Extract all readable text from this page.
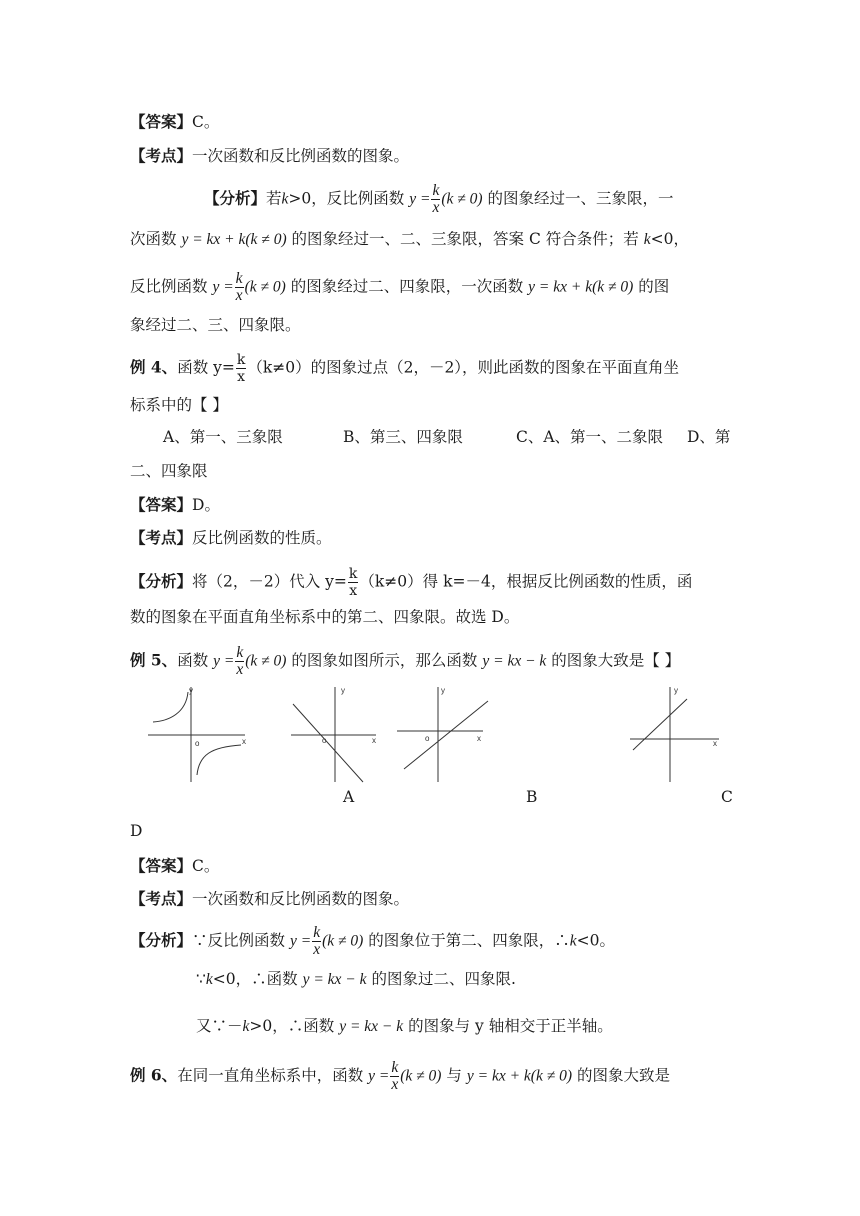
【答案】C。
【考点】一次函数和反比例函数的图象。
【分析】若k>0，反比例函数 $y = \frac{k}{x} (k \ne 0)$ 的图象经过一、三象限，一
次函数 y = kx + k(k ≠ 0) 的图象经过一、二、三象限，答案 C 符合条件；若 k<0，
反比例函数 $y = \frac{k}{x} (k \ne 0)$ 的图象经过二、四象限，一次函数 y = kx + k(k ≠ 0) 的图
象经过二、三、四象限。
例 4、函数 $y= \frac{k}{x} (k\ne 0)$的图象过点（2，－2），则此函数的图象在平面直角坐
标系中的【 】
A、第一、三象限	B、第三、四象限	C、A、第一、二象限 D、第
二、四象限
【答案】D。
【考点】反比例函数的性质。
【分析】将（2，－2）代入 $y= \frac{k}{x} (k\ne 0)$得 k=－4，根据反比例函数的性质，函
数的图象在平面直角坐标系中的第二、四象限。故选 D。
例 5、函数 $y = \frac{k}{x} (k \ne 0)$ 的图象如图所示，那么函数 y = kx − k 的图象大致是【 】
y
x
o
y
x
o
y
x
o
y
x
A	B	C
D
【答案】C。
【考点】一次函数和反比例函数的图象。
【分析】∵反比例函数 $y = \frac{k}{x} (k \ne 0)$ 的图象位于第二、四象限，∴k<0。
∵k<0，∴函数 y = kx − k 的图象过二、四象限.
又∵－k>0，∴函数 y = kx − k 的图象与 y 轴相交于正半轴。
例 6、在同一直角坐标系中，函数 $y = \frac{k}{x} (k \ne 0)$ 与 y = kx + k(k ≠ 0) 的图象大致是
